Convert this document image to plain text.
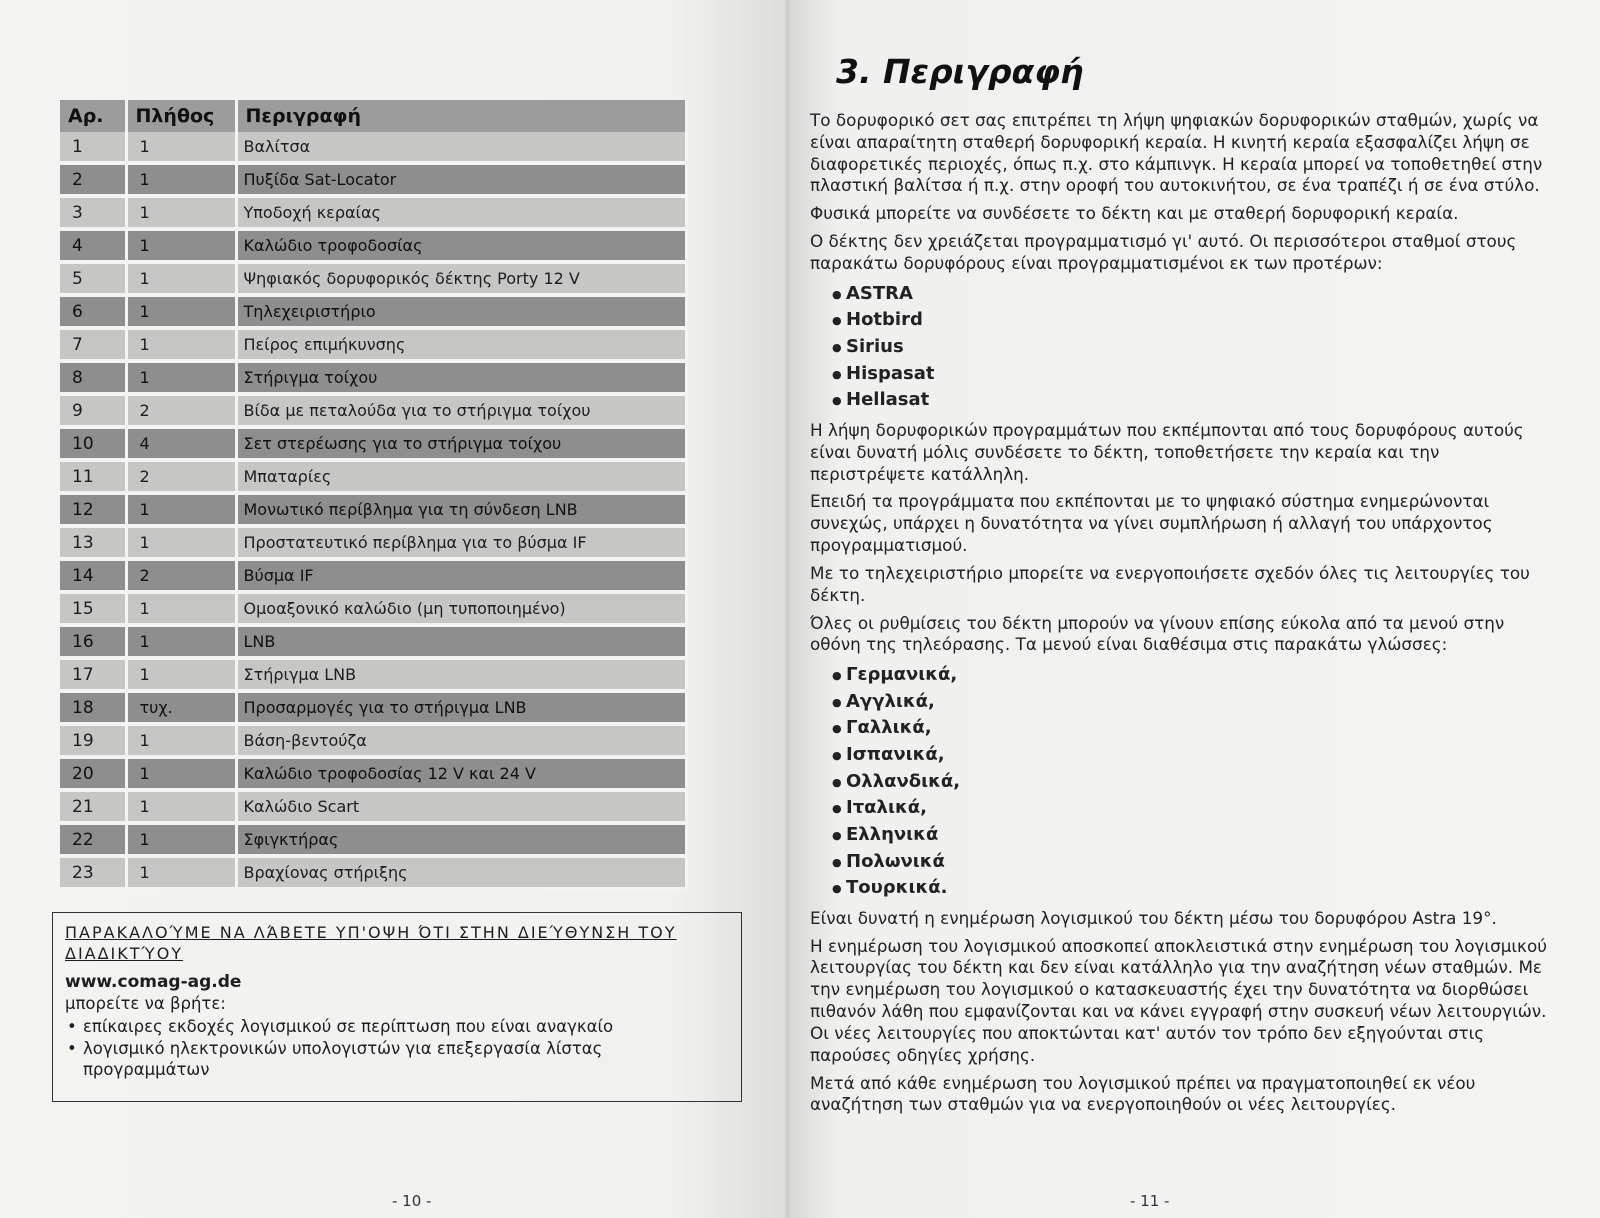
Αρ.	Πλήθος	Περιγραφή
1	1	Βαλίτσα
2	1	Πυξίδα Sat-Locator
3	1	Υποδοχή κεραίας
4	1	Καλώδιο τροφοδοσίας
5	1	Ψηφιακός δορυφορικός δέκτης Porty 12 V
6	1	Τηλεχειριστήριο
7	1	Πείρος επιμήκυνσης
8	1	Στήριγμα τοίχου
9	2	Βίδα με πεταλούδα για το στήριγμα τοίχου
10	4	Σετ στερέωσης για το στήριγμα τοίχου
11	2	Μπαταρίες
12	1	Μονωτικό περίβλημα για τη σύνδεση LNB
13	1	Προστατευτικό περίβλημα για το βύσμα IF
14	2	Βύσμα IF
15	1	Ομοαξονικό καλώδιο (μη τυποποιημένο)
16	1	LNB
17	1	Στήριγμα LNB
18	τυχ.	Προσαρμογές για το στήριγμα LNB
19	1	Βάση-βεντούζα
20	1	Καλώδιο τροφοδοσίας 12 V και 24 V
21	1	Καλώδιο Scart
22	1	Σφιγκτήρας
23	1	Βραχίονας στήριξης

ΠΑΡΑΚΑΛΟΎΜΕ ΝΑ ΛΆΒΕΤΕ ΥΠ'ΟΨΗ ΌΤΙ ΣΤΗΝ ΔΙΕΎΘΥΝΣΗ ΤΟΥ ΔΙΑΔΙΚΤΎΟΥ

www.comag-ag.de

μπορείτε να βρήτε:

• επίκαιρες εκδοχές λογισμικού σε περίπτωση που είναι αναγκαίο
• λογισμικό ηλεκτρονικών υπολογιστών για επεξεργασία λίστας προγραμμάτων
- 10 -	- 11 -
3. Περιγραφή

Το δορυφορικό σετ σας επιτρέπει τη λήψη ψηφιακών δορυφορικών σταθμών, χωρίς να είναι απαραίτητη σταθερή δορυφορική κεραία. Η κινητή κεραία εξασφαλίζει λήψη σε διαφορετικές περιοχές, όπως π.χ. στο κάμπινγκ. Η κεραία μπορεί να τοποθετηθεί στην πλαστική βαλίτσα ή π.χ. στην οροφή του αυτοκινήτου, σε ένα τραπέζι ή σε ένα στύλο.

Φυσικά μπορείτε να συνδέσετε το δέκτη και με σταθερή δορυφορική κεραία.

Ο δέκτης δεν χρειάζεται προγραμματισμό γι' αυτό. Οι περισσότεροι σταθμοί στους παρακάτω δορυφόρους είναι προγραμματισμένοι εκ των προτέρων:

● ASTRA
● Hotbird
● Sirius
● Hispasat
● Hellasat

Η λήψη δορυφορικών προγραμμάτων που εκπέμπονται από τους δορυφόρους αυτούς είναι δυνατή μόλις συνδέσετε το δέκτη, τοποθετήσετε την κεραία και την περιστρέψετε κατάλληλη.

Επειδή τα προγράμματα που εκπέπονται με το ψηφιακό σύστημα ενημερώνονται συνεχώς, υπάρχει η δυνατότητα να γίνει συμπλήρωση ή αλλαγή του υπάρχοντος προγραμματισμού.

Με το τηλεχειριστήριο μπορείτε να ενεργοποιήσετε σχεδόν όλες τις λειτουργίες του δέκτη.

Όλες οι ρυθμίσεις του δέκτη μπορούν να γίνουν επίσης εύκολα από τα μενού στην οθόνη της τηλεόρασης. Τα μενού είναι διαθέσιμα στις παρακάτω γλώσσες:

● Γερμανικά,
● Αγγλικά,
● Γαλλικά,
● Ισπανικά,
● Ολλανδικά,
● Ιταλικά,
● Ελληνικά
● Πολωνικά
● Τουρκικά.

Είναι δυνατή η ενημέρωση λογισμικού του δέκτη μέσω του δορυφόρου Astra 19°.

Η ενημέρωση του λογισμικού αποσκοπεί αποκλειστικά στην ενημέρωση του λογισμικού λειτουργίας του δέκτη και δεν είναι κατάλληλο για την αναζήτηση νέων σταθμών. Με την ενημέρωση του λογισμικού ο κατασκευαστής έχει την δυνατότητα να διορθώσει πιθανόν λάθη που εμφανίζονται και να κάνει εγγραφή στην συσκευή νέων λειτουργιών. Οι νέες λειτουργίες που αποκτώνται κατ' αυτόν τον τρόπο δεν εξηγούνται στις παρούσες οδηγίες χρήσης.

Μετά από κάθε ενημέρωση του λογισμικού πρέπει να πραγματοποιηθεί εκ νέου αναζήτηση των σταθμών για να ενεργοποιηθούν οι νέες λειτουργίες.
